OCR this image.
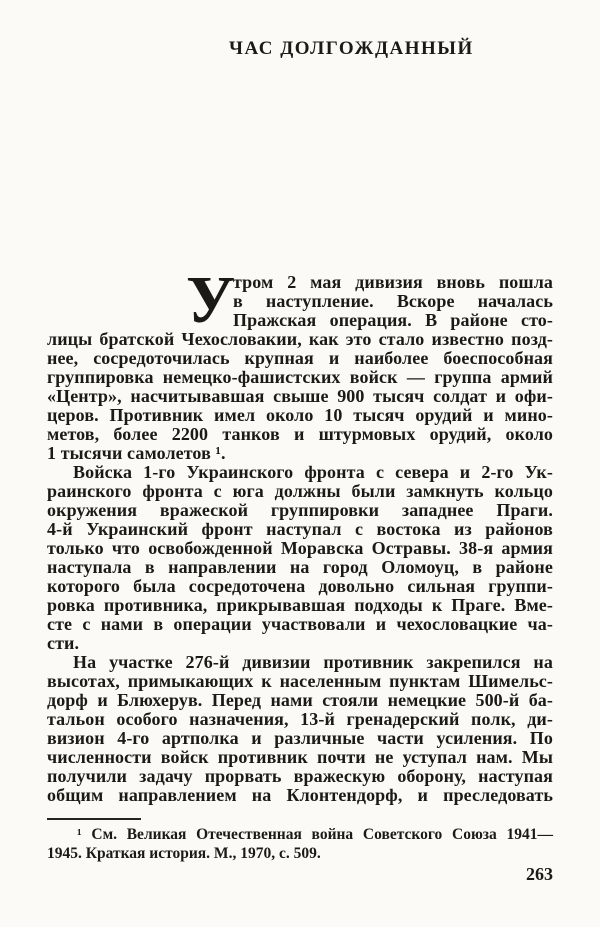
ЧАС ДОЛГОЖДАННЫЙ
У
тром 2 мая дивизия вновь пошла
в наступление. Вскоре началась
Пражская операция. В районе сто-
лицы братской Чехословакии, как это стало известно позд-
нее, сосредоточилась крупная и наиболее боеспособная
группировка немецко-фашистских войск — группа армий
«Центр», насчитывавшая свыше 900 тысяч солдат и офи-
церов. Противник имел около 10 тысяч орудий и мино-
метов, более 2200 танков и штурмовых орудий, около
1 тысячи самолетов ¹.
Войска 1-го Украинского фронта с севера и 2-го Ук-
раинского фронта с юга должны были замкнуть кольцо
окружения вражеской группировки западнее Праги.
4-й Украинский фронт наступал с востока из районов
только что освобожденной Моравска Остравы. 38-я армия
наступала в направлении на город Оломоуц, в районе
которого была сосредоточена довольно сильная группи-
ровка противника, прикрывавшая подходы к Праге. Вме-
сте с нами в операции участвовали и чехословацкие ча-
сти.
На участке 276-й дивизии противник закрепился на
высотах, примыкающих к населенным пунктам Шимельс-
дорф и Блюхерув. Перед нами стояли немецкие 500-й ба-
тальон особого назначения, 13-й гренадерский полк, ди-
визион 4-го артполка и различные части усиления. По
численности войск противник почти не уступал нам. Мы
получили задачу прорвать вражескую оборону, наступая
общим направлением на Клонтендорф, и преследовать
¹ См. Великая Отечественная война Советского Союза 1941—
1945. Краткая история. М., 1970, с. 509.
263
